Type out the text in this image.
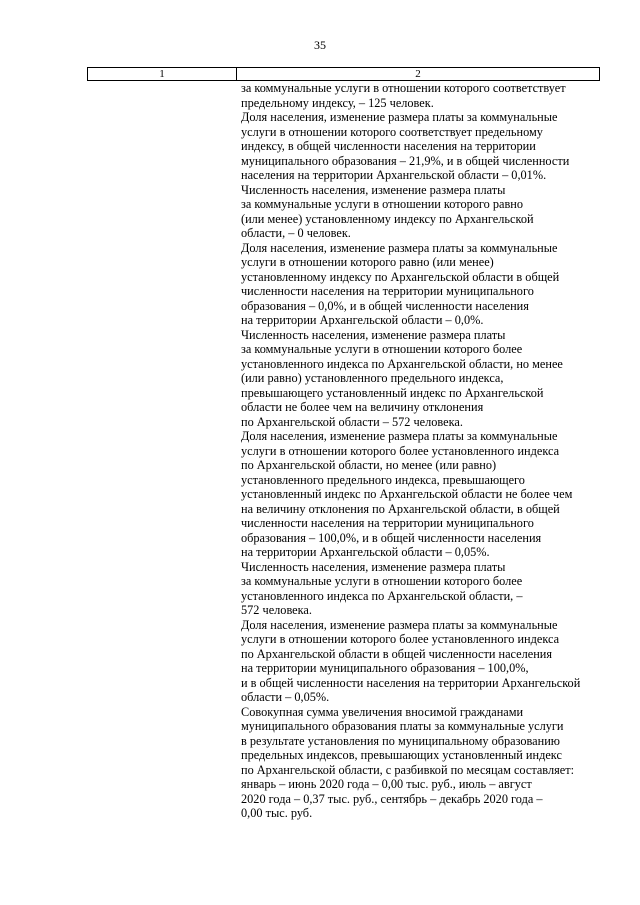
35
1	2
за коммунальные услуги в отношении которого соответствует
предельному индексу, – 125 человек.
Доля населения, изменение размера платы за коммунальные
услуги в отношении которого соответствует предельному
индексу, в общей численности населения на территории
муниципального образования – 21,9%, и в общей численности
населения на территории Архангельской области – 0,01%.
Численность населения, изменение размера платы
за коммунальные услуги в отношении которого равно
(или менее) установленному индексу по Архангельской
области, – 0 человек.
Доля населения, изменение размера платы за коммунальные
услуги в отношении которого равно (или менее)
установленному индексу по Архангельской области в общей
численности населения на территории муниципального
образования – 0,0%, и в общей численности населения
на территории Архангельской области – 0,0%.
Численность населения, изменение размера платы
за коммунальные услуги в отношении которого более
установленного индекса по Архангельской области, но менее
(или равно) установленного предельного индекса,
превышающего установленный индекс по Архангельской
области не более чем на величину отклонения
по Архангельской области – 572 человека.
Доля населения, изменение размера платы за коммунальные
услуги в отношении которого более установленного индекса
по Архангельской области, но менее (или равно)
установленного предельного индекса, превышающего
установленный индекс по Архангельской области не более чем
на величину отклонения по Архангельской области, в общей
численности населения на территории муниципального
образования – 100,0%, и в общей численности населения
на территории Архангельской области – 0,05%.
Численность населения, изменение размера платы
за коммунальные услуги в отношении которого более
установленного индекса по Архангельской области, –
572 человека.
Доля населения, изменение размера платы за коммунальные
услуги в отношении которого более установленного индекса
по Архангельской области в общей численности населения
на территории муниципального образования – 100,0%,
и в общей численности населения на территории Архангельской
области – 0,05%.
Совокупная сумма увеличения вносимой гражданами
муниципального образования платы за коммунальные услуги
в результате установления по муниципальному образованию
предельных индексов, превышающих установленный индекс
по Архангельской области, с разбивкой по месяцам составляет:
январь – июнь 2020 года – 0,00 тыс. руб., июль – август
2020 года – 0,37 тыс. руб., сентябрь – декабрь 2020 года –
0,00 тыс. руб.
